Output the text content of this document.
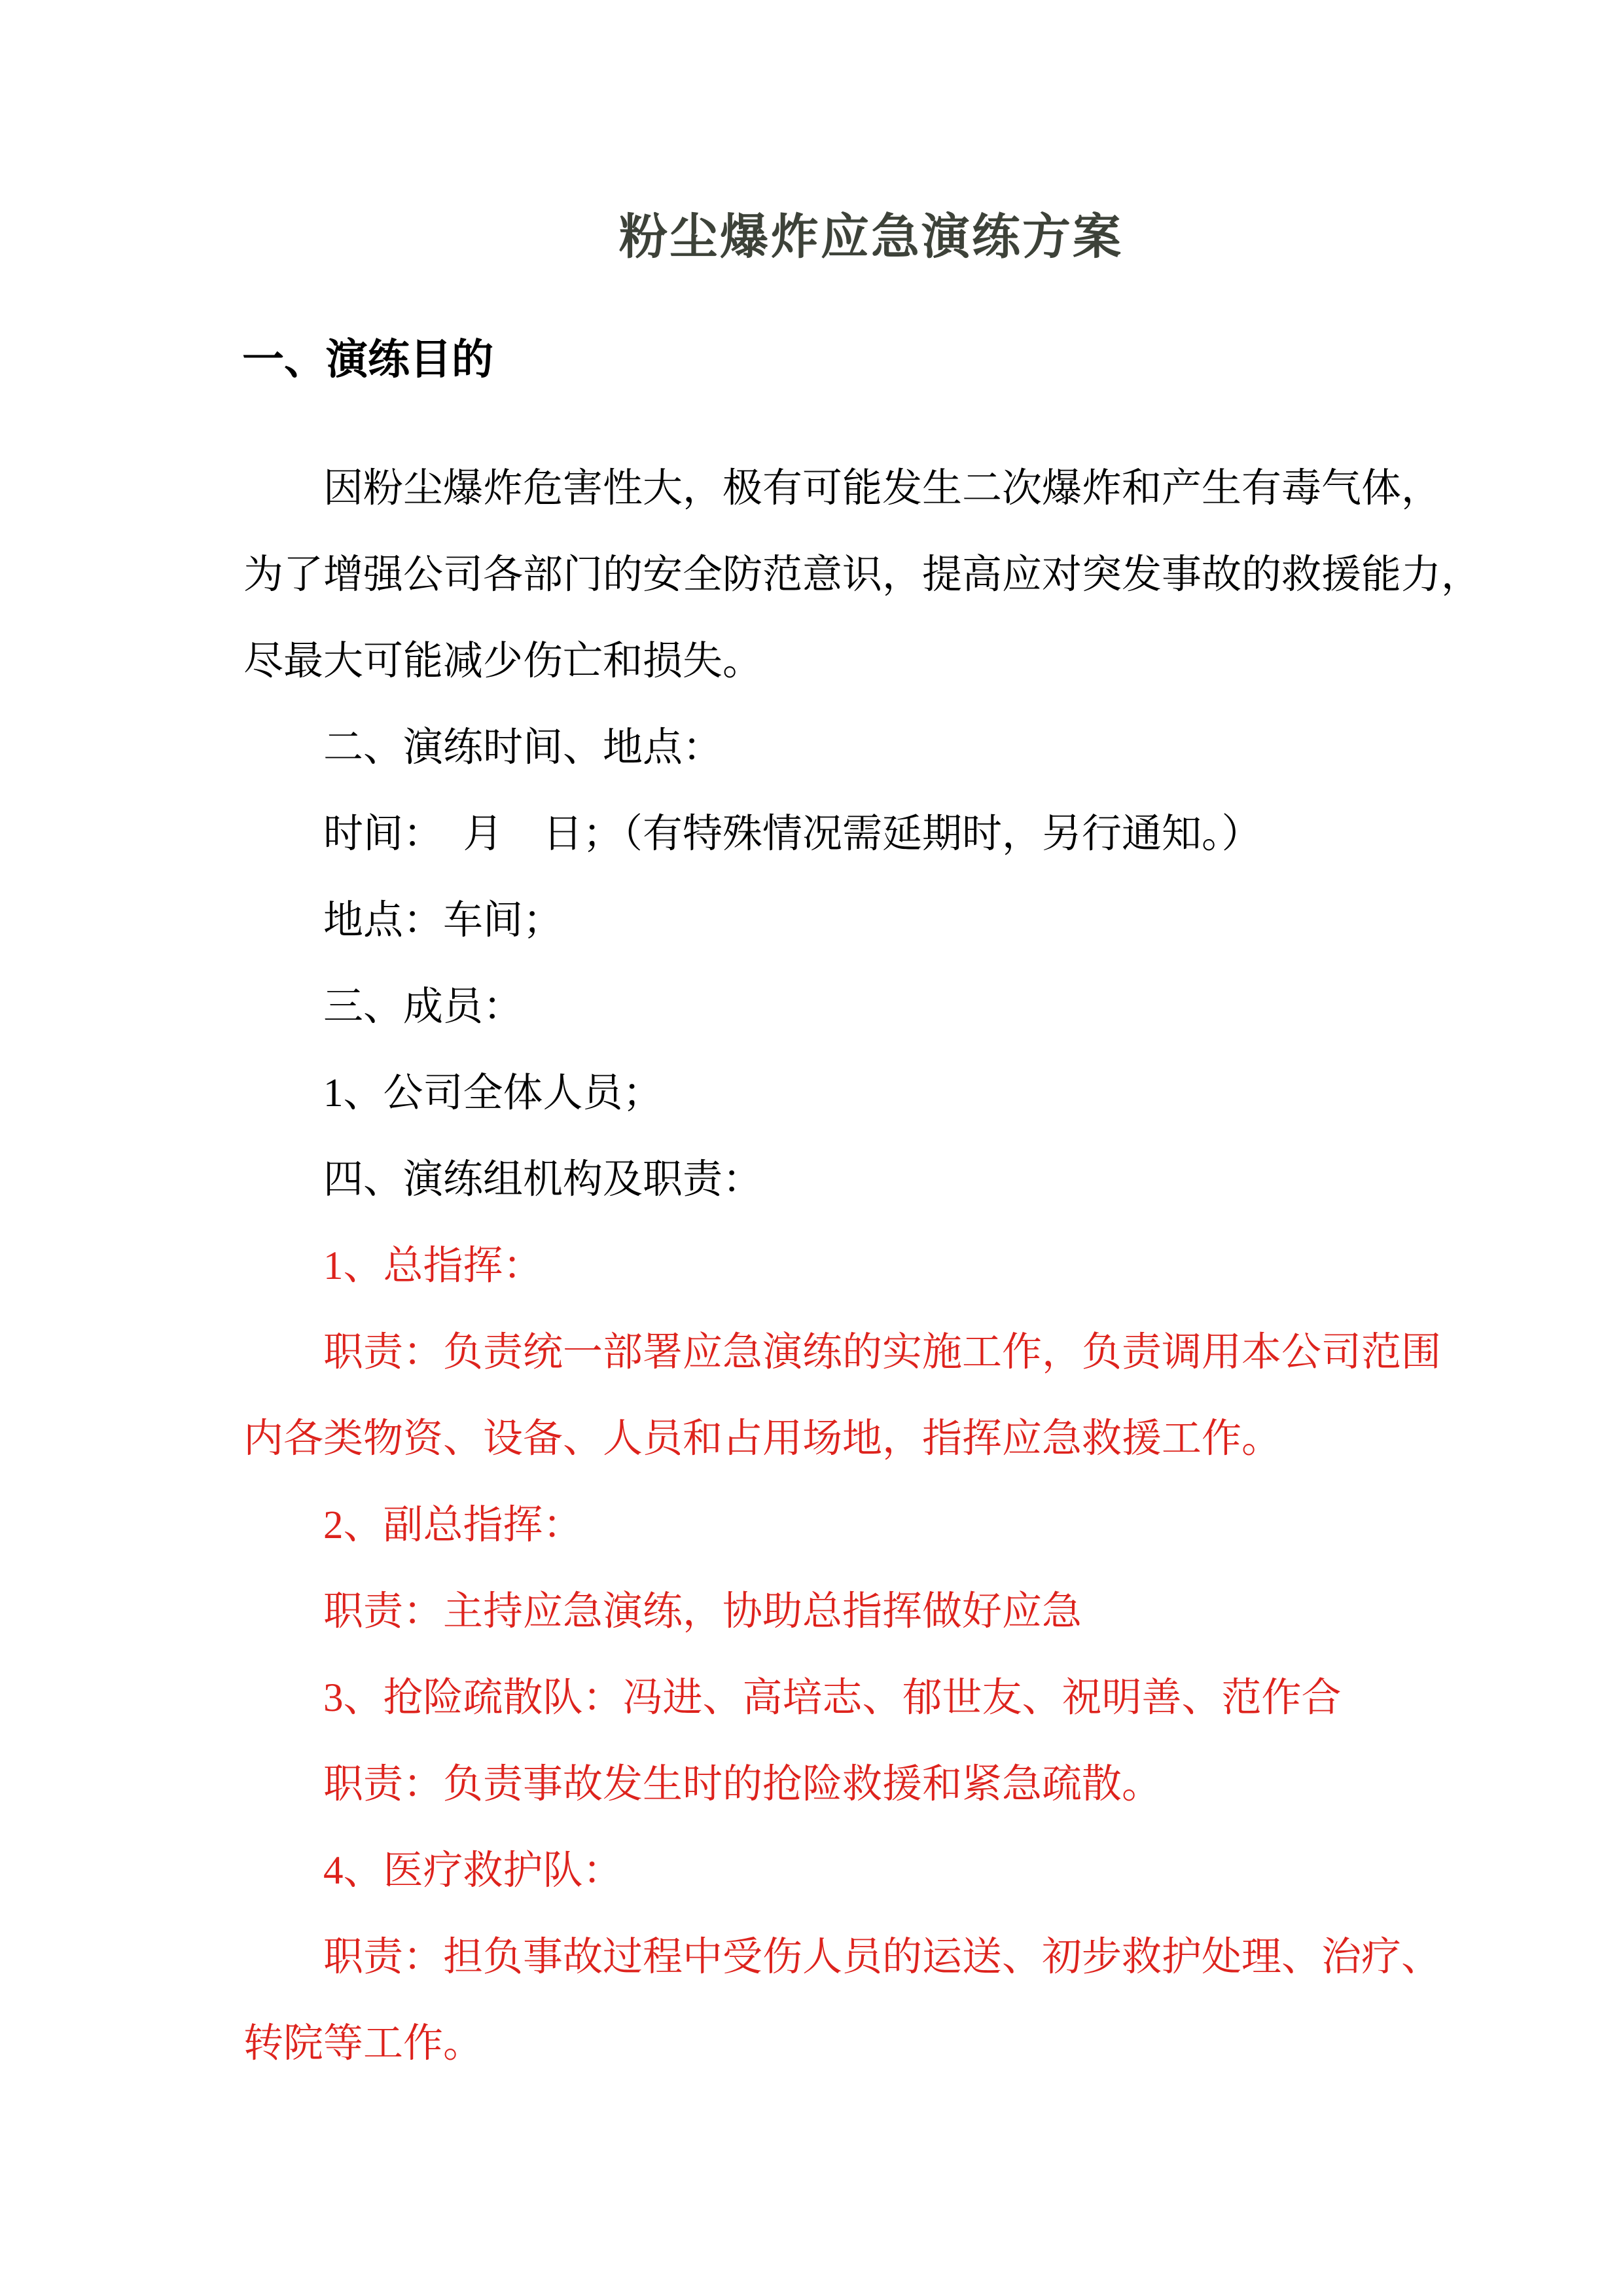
粉尘爆炸应急演练方案
一、演练目的
因粉尘爆炸危害性大，极有可能发生二次爆炸和产生有毒气体，
为了增强公司各部门的安全防范意识，提高应对突发事故的救援能力，
尽最大可能减少伤亡和损失。
二、演练时间、地点：
时间：　月　日；（有特殊情况需延期时，另行通知。）
地点：车间；
三、成员：
1、公司全体人员；
四、演练组机构及职责：
1、总指挥：
职责：负责统一部署应急演练的实施工作，负责调用本公司范围
内各类物资、设备、人员和占用场地，指挥应急救援工作。
2、副总指挥：
职责：主持应急演练，协助总指挥做好应急
3、抢险疏散队：冯进、高培志、郁世友、祝明善、范作合
职责：负责事故发生时的抢险救援和紧急疏散。
4、医疗救护队：
职责：担负事故过程中受伤人员的运送、初步救护处理、治疗、
转院等工作。
